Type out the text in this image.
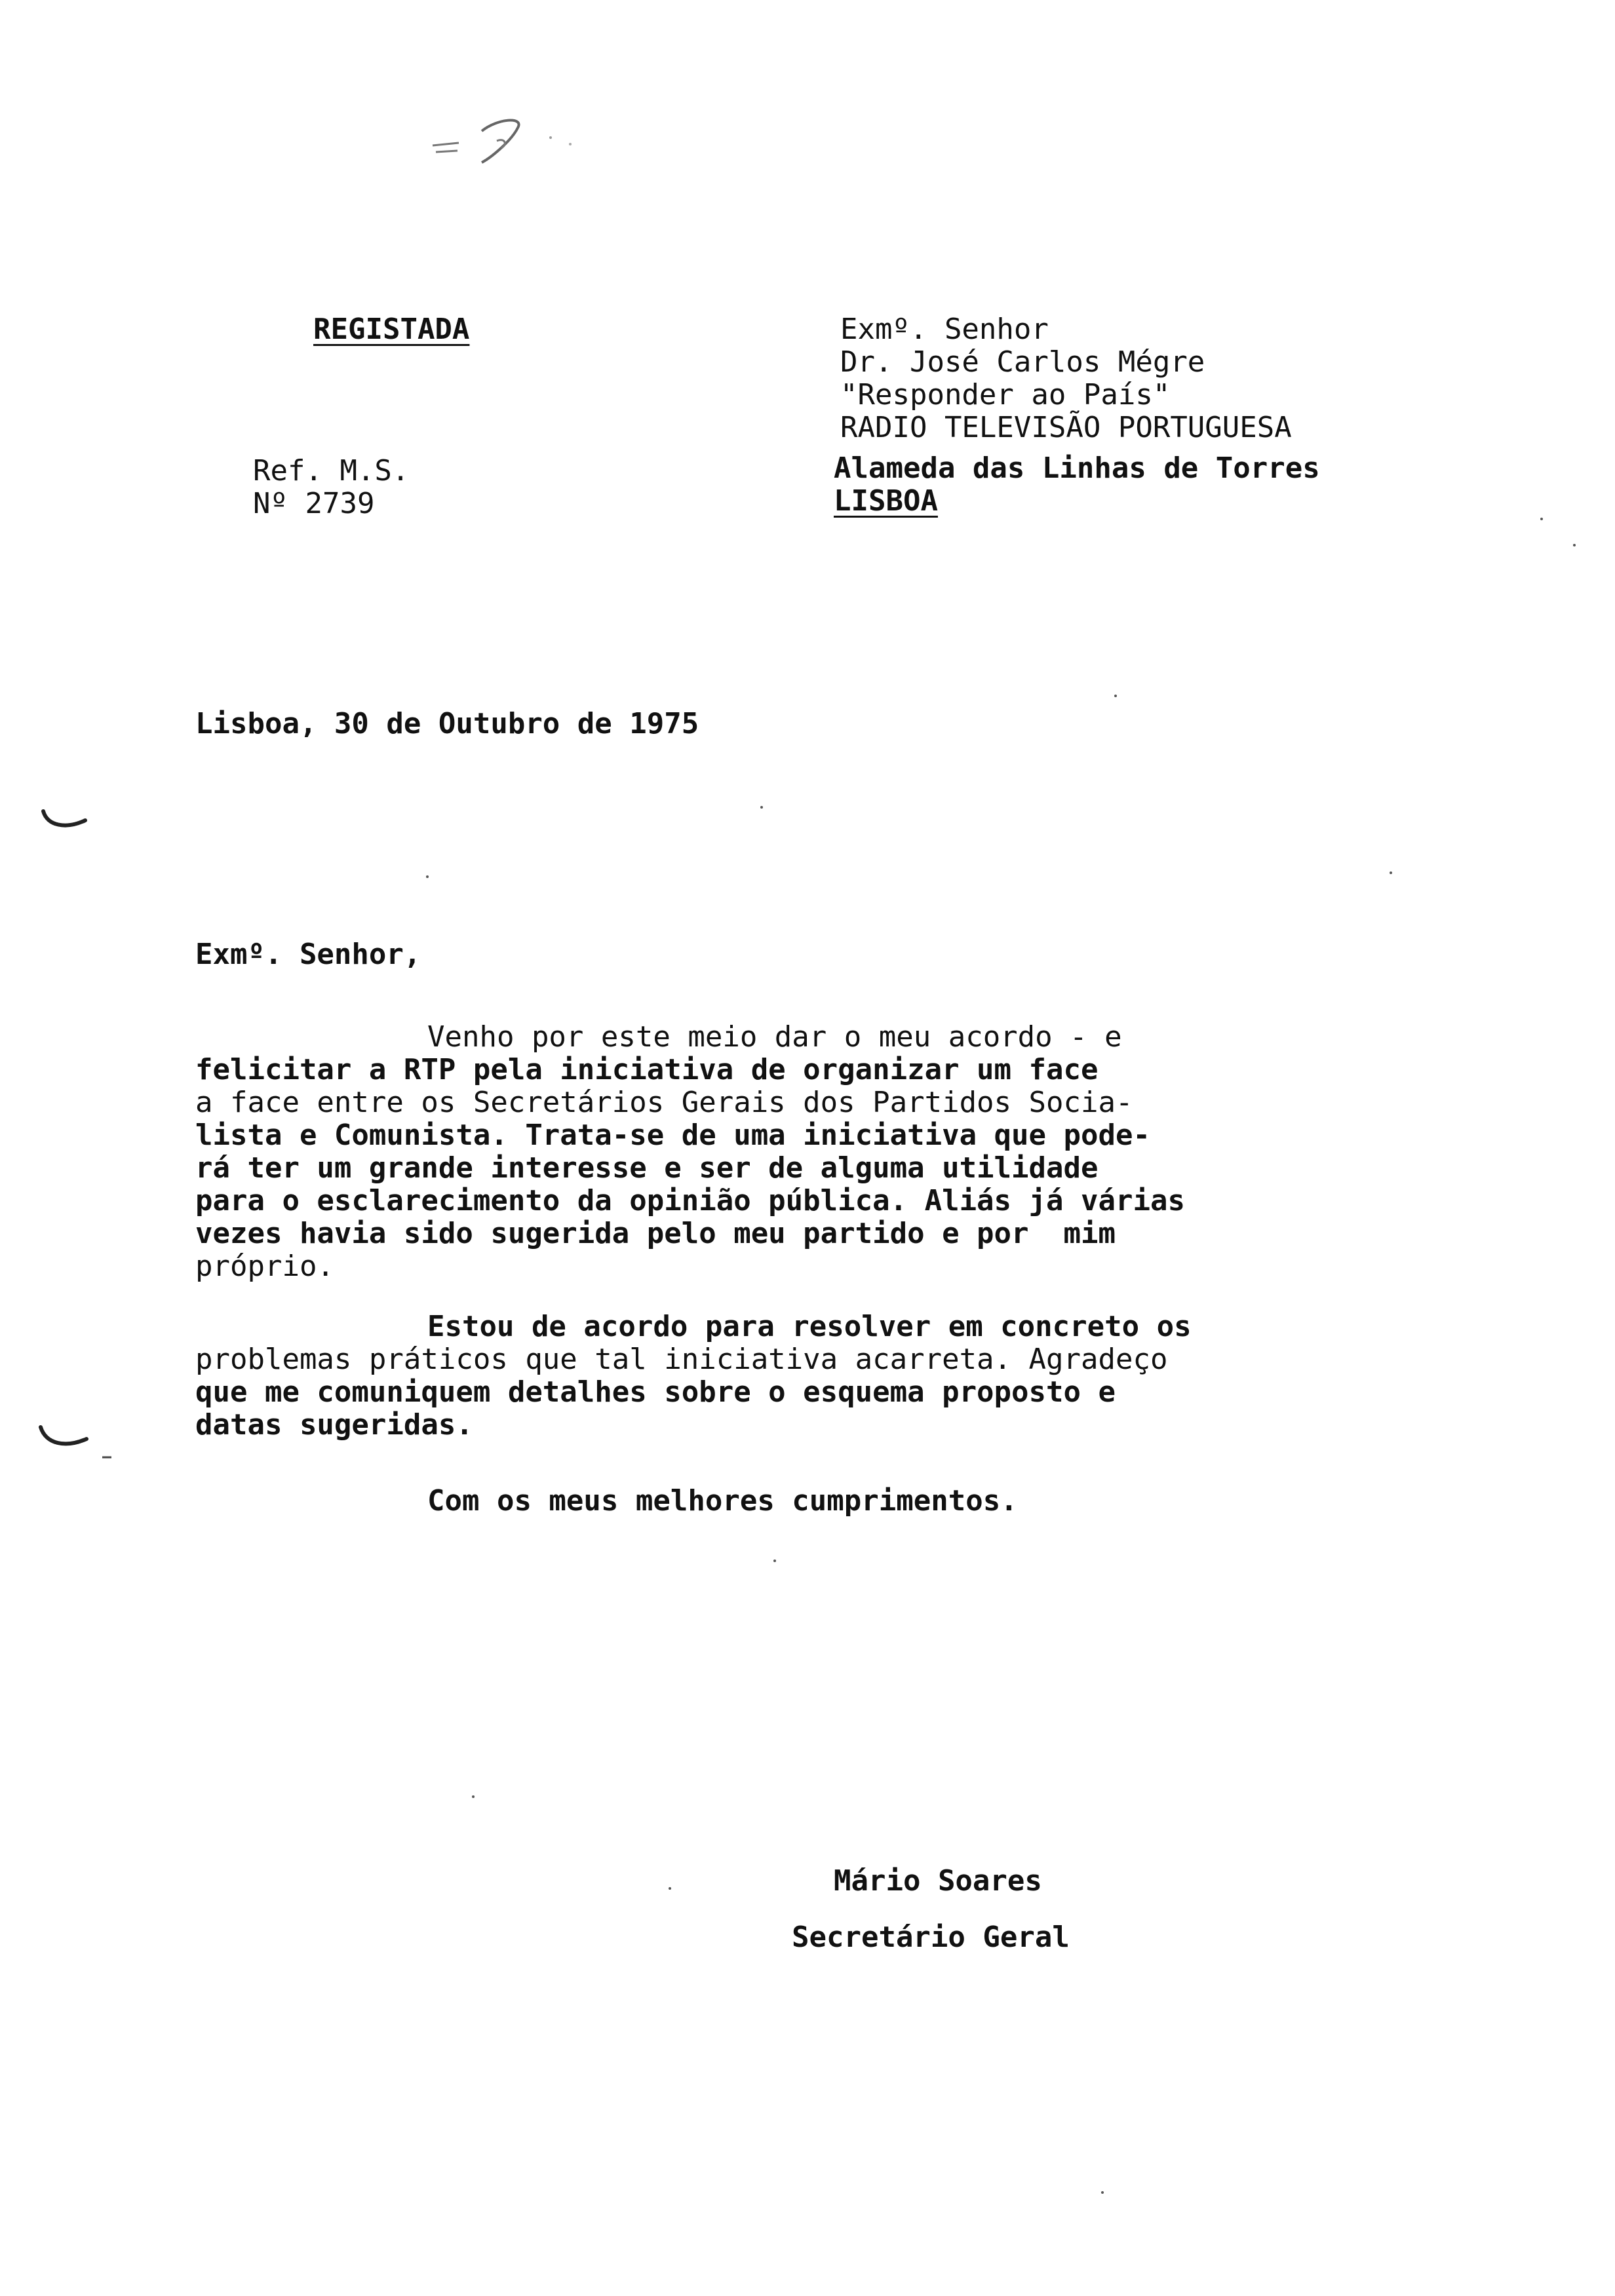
REGISTADA	Exmº. Senhor

Dr. José Carlos Mégre

"Responder ao País"

RADIO TELEVISÃO PORTUGUESA

Alameda das Linhas de Torres

LISBOA

Ref. M.S.

Nº 2739

Lisboa, 30 de Outubro de 1975

Exmº. Senhor,

Venho por este meio dar o meu acordo - e

felicitar a RTP pela iniciativa de organizar um face

a face entre os Secretários Gerais dos Partidos Socia-

lista e Comunista. Trata-se de uma iniciativa que pode-

rá ter um grande interesse e ser de alguma utilidade

para o esclarecimento da opinião pública. Aliás já várias

vezes havia sido sugerida pelo meu partido e por  mim

próprio.

Estou de acordo para resolver em concreto os

problemas práticos que tal iniciativa acarreta. Agradeço

que me comuniquem detalhes sobre o esquema proposto e

datas sugeridas.

Com os meus melhores cumprimentos.

Mário Soares

Secretário Geral
